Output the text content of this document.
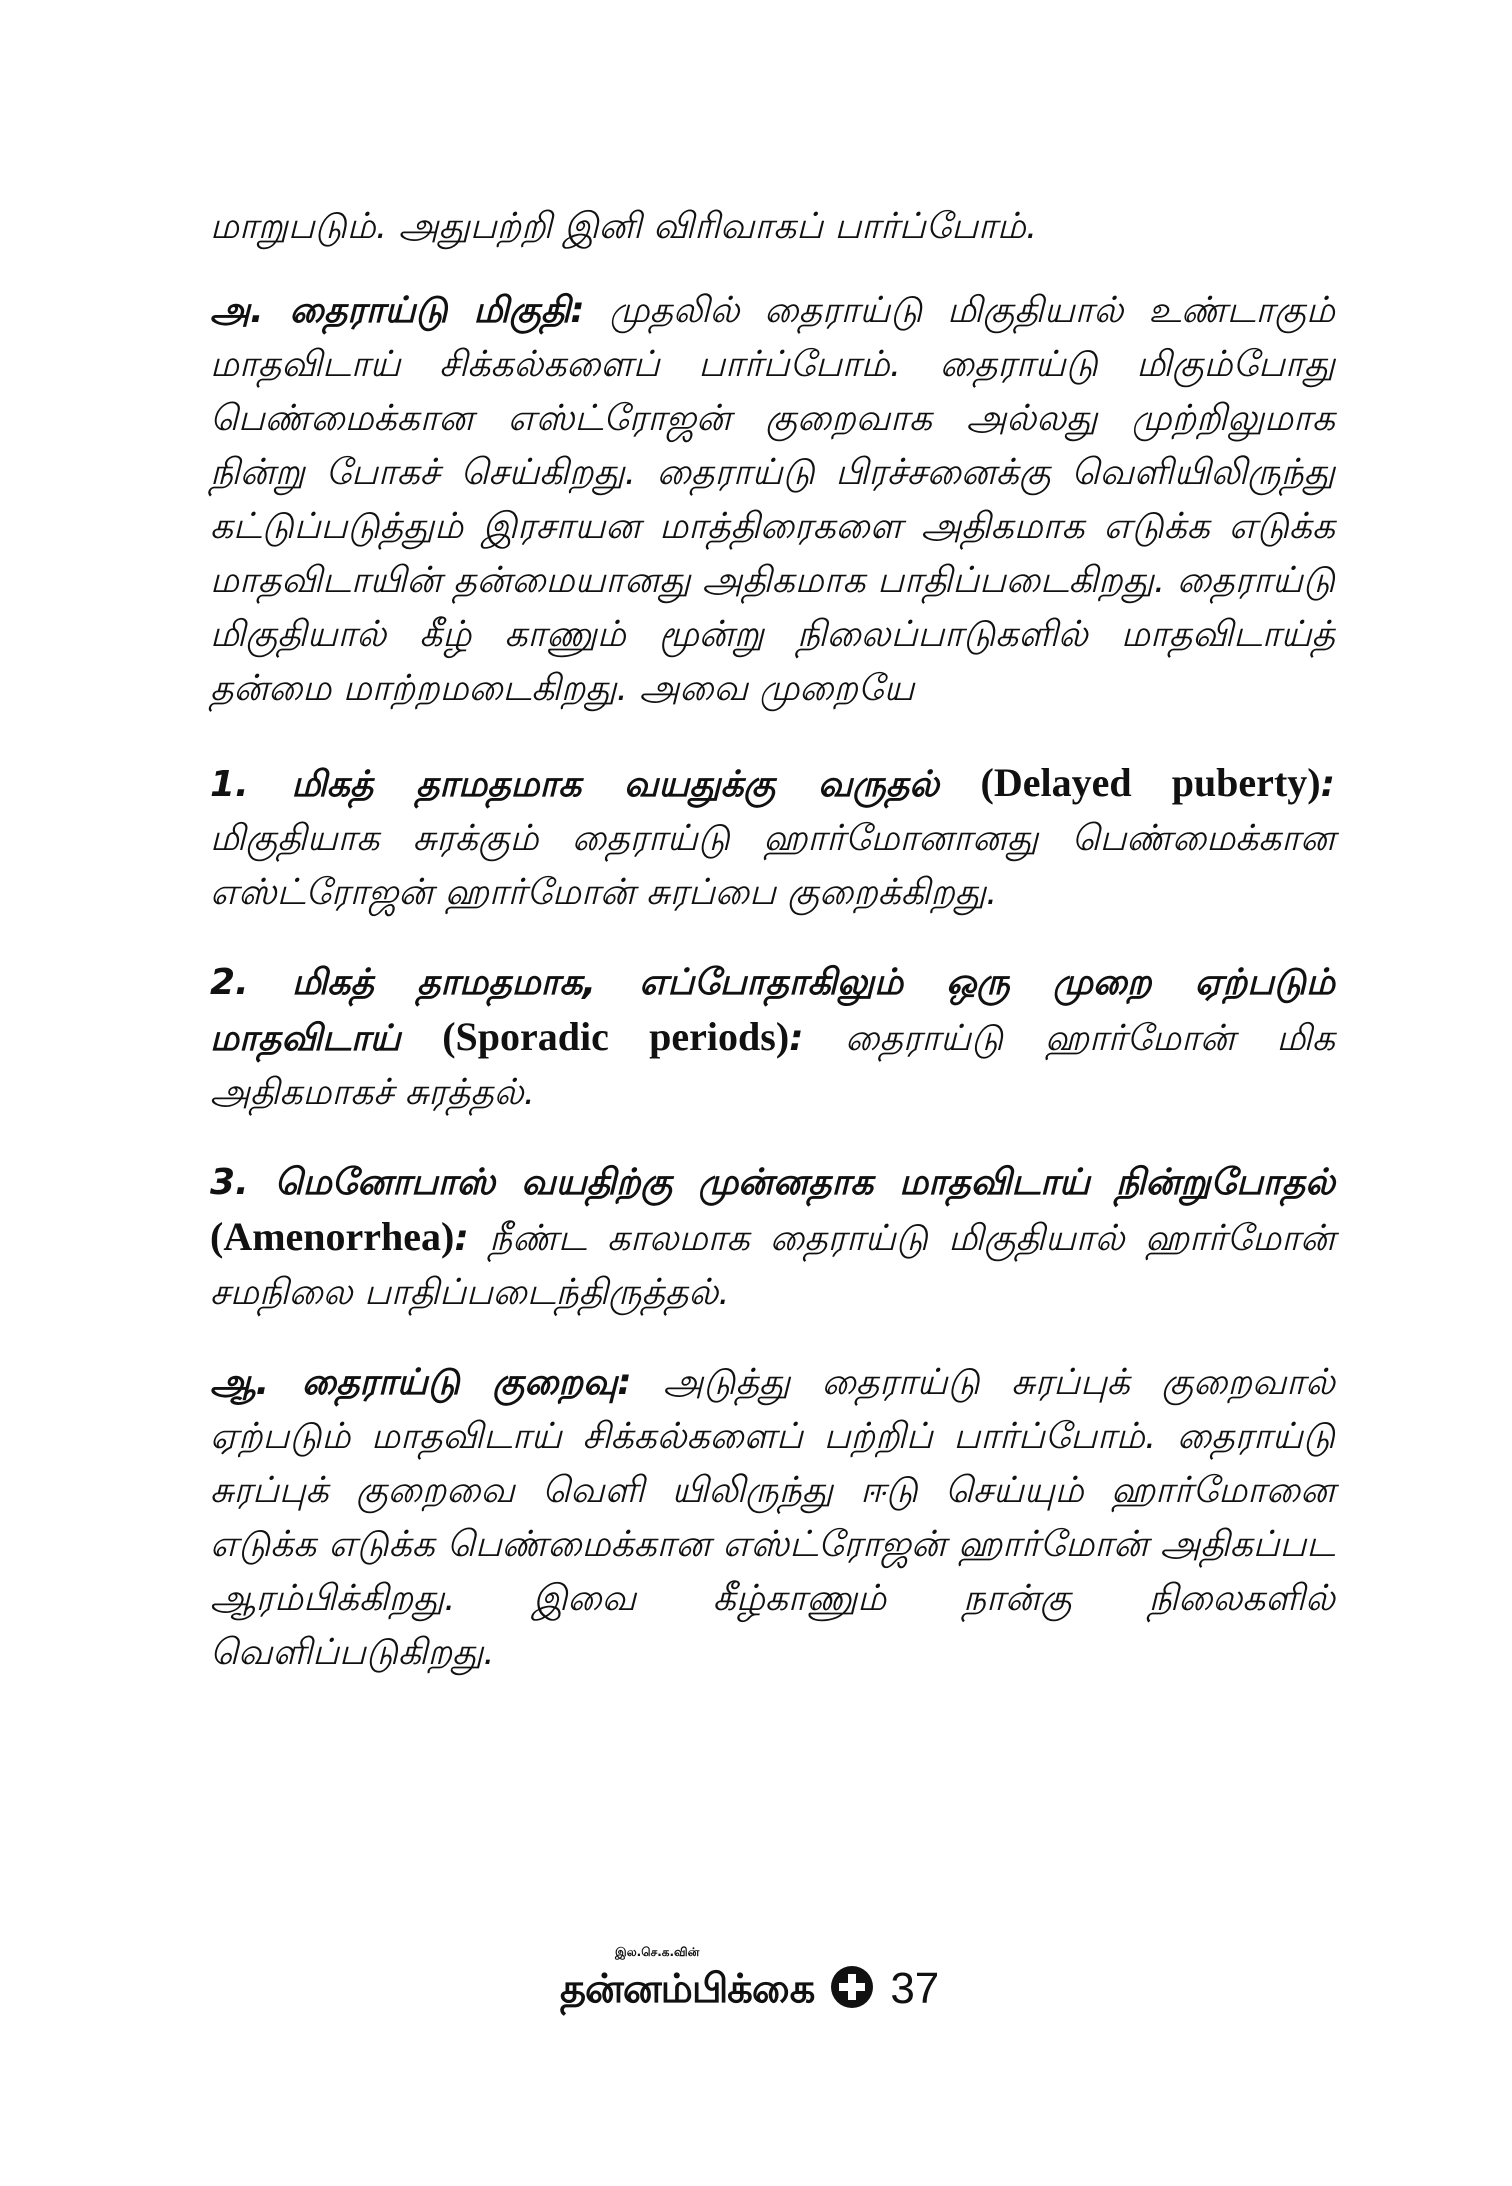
மாறுபடும். அதுபற்றி இனி விரிவாகப் பார்ப்போம்.

அ. தைராய்டு மிகுதி: முதலில் தைராய்டு மிகுதியால் உண்டாகும் மாதவிடாய் சிக்கல்களைப் பார்ப்போம். தைராய்டு மிகும்போது பெண்மைக்கான எஸ்ட்ரோஜன் குறைவாக அல்லது முற்றிலுமாக நின்று போகச் செய்கிறது. தைராய்டு பிரச்சனைக்கு வெளியிலிருந்து கட்டுப்படுத்தும் இரசாயன மாத்திரைகளை அதிகமாக எடுக்க எடுக்க மாதவிடாயின் தன்மையானது அதிகமாக பாதிப்படைகிறது. தைராய்டு மிகுதியால் கீழ் காணும் மூன்று நிலைப்பாடுகளில் மாதவிடாய்த் தன்மை மாற்றமடைகிறது. அவை முறையே

1. மிகத் தாமதமாக வயதுக்கு வருதல் (Delayed puberty): மிகுதியாக சுரக்கும் தைராய்டு ஹார்மோனானது பெண்மைக்கான எஸ்ட்ரோஜன் ஹார்மோன் சுரப்பை குறைக்கிறது.

2. மிகத் தாமதமாக, எப்போதாகிலும் ஒரு முறை ஏற்படும் மாதவிடாய் (Sporadic periods): தைராய்டு ஹார்மோன் மிக அதிகமாகச் சுரத்தல்.

3. மெனோபாஸ் வயதிற்கு முன்னதாக மாதவிடாய் நின்றுபோதல் (Amenorrhea): நீண்ட காலமாக தைராய்டு மிகுதியால் ஹார்மோன் சமநிலை பாதிப்படைந்திருத்தல்.

ஆ. தைராய்டு குறைவு: அடுத்து தைராய்டு சுரப்புக் குறைவால் ஏற்படும் மாதவிடாய் சிக்கல்களைப் பற்றிப் பார்ப்போம். தைராய்டு சுரப்புக் குறைவை வெளி யிலிருந்து ஈடு செய்யும் ஹார்மோனை எடுக்க எடுக்க பெண்மைக்கான எஸ்ட்ரோஜன் ஹார்மோன் அதிகப்பட ஆரம்பிக்கிறது. இவை கீழ்காணும் நான்கு நிலைகளில் வெளிப்படுகிறது.

இல.செ.க.வின்
தன்னம்பிக்கை 37
